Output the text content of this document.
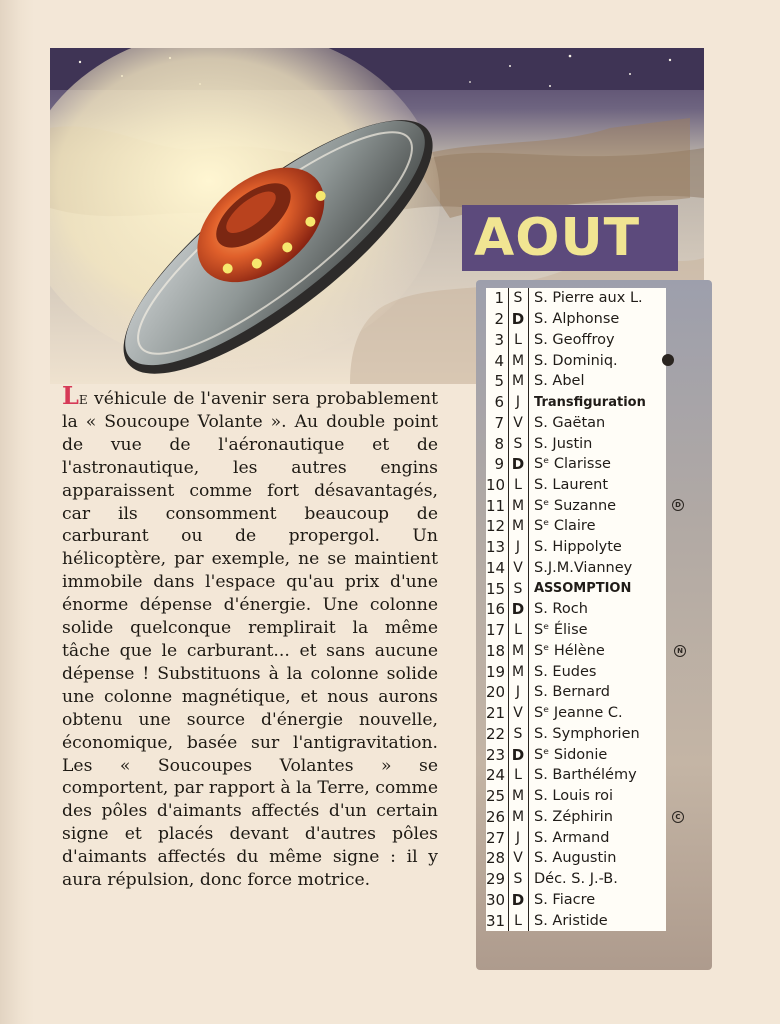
AOUT
Le véhicule de l'avenir sera probablement la « Soucoupe Volante ». Au double point de vue de l'aéronautique et de l'astronautique, les autres engins apparaissent comme fort désavantagés, car ils consomment beaucoup de carburant ou de propergol. Un hélicoptère, par exemple, ne se maintient immobile dans l'espace qu'au prix d'une énorme dépense d'énergie. Une colonne solide quelconque remplirait la même tâche que le carburant... et sans aucune dépense ! Substituons à la colonne solide une colonne magnétique, et nous aurons obtenu une source d'énergie nouvelle, économique, basée sur l'antigravitation. Les « Soucoupes Volantes » se comportent, par rapport à la Terre, comme des pôles d'aimants affectés d'un certain signe et placés devant d'autres pôles d'aimants affectés du même signe : il y aura répulsion, donc force motrice.
1 S S. Pierre aux L.
2 D S. Alphonse
3 L S. Geoffroy
4 M S. Dominiq.
5 M S. Abel
6 J	Transfiguration
7 V S. Gaëtan
8 S S. Justin
9 D Sᵉ Clarisse
10 L S. Laurent
11 M Sᵉ Suzanne	D
12 M Sᵉ Claire
13 J S. Hippolyte
14 V S.J.M.Vianney
15 S ASSOMPTION
16 D S. Roch
17 L Sᵉ Élise
18 M Sᵉ Hélène	N
19 M S. Eudes
20 J S. Bernard
21 V Sᵉ Jeanne C.
22 S S. Symphorien
23 D Sᵉ Sidonie
24 L S. Barthélémy
25 M S. Louis roi
26 M S. Zéphirin	C
27 J S. Armand
28 V S. Augustin
29 S Déc. S. J.-B.
30 D S. Fiacre
31 L S. Aristide
